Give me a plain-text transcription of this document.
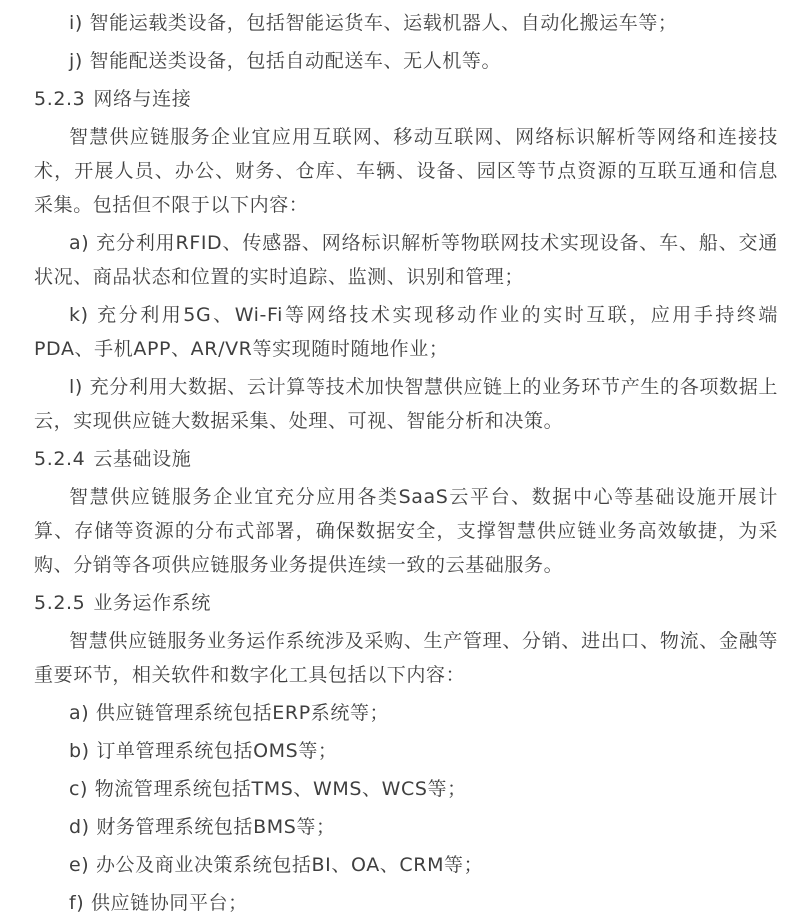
i) 智能运载类设备，包括智能运货车、运载机器人、自动化搬运车等；

j) 智能配送类设备，包括自动配送车、无人机等。

5.2.3 网络与连接

智慧供应链服务企业宜应用互联网、移动互联网、网络标识解析等网络和连接技术，开展人员、办公、财务、仓库、车辆、设备、园区等节点资源的互联互通和信息采集。包括但不限于以下内容：

a) 充分利用RFID、传感器、网络标识解析等物联网技术实现设备、车、船、交通状况、商品状态和位置的实时追踪、监测、识别和管理；

k) 充分利用5G、Wi-Fi等网络技术实现移动作业的实时互联，应用手持终端PDA、手机APP、AR/VR等实现随时随地作业；

l) 充分利用大数据、云计算等技术加快智慧供应链上的业务环节产生的各项数据上云，实现供应链大数据采集、处理、可视、智能分析和决策。

5.2.4 云基础设施

智慧供应链服务企业宜充分应用各类SaaS云平台、数据中心等基础设施开展计算、存储等资源的分布式部署，确保数据安全，支撑智慧供应链业务高效敏捷，为采购、分销等各项供应链服务业务提供连续一致的云基础服务。

5.2.5 业务运作系统

智慧供应链服务业务运作系统涉及采购、生产管理、分销、进出口、物流、金融等重要环节，相关软件和数字化工具包括以下内容：

a) 供应链管理系统包括ERP系统等；

b) 订单管理系统包括OMS等；

c) 物流管理系统包括TMS、WMS、WCS等；

d) 财务管理系统包括BMS等；

e) 办公及商业决策系统包括BI、OA、CRM等；

f) 供应链协同平台；
